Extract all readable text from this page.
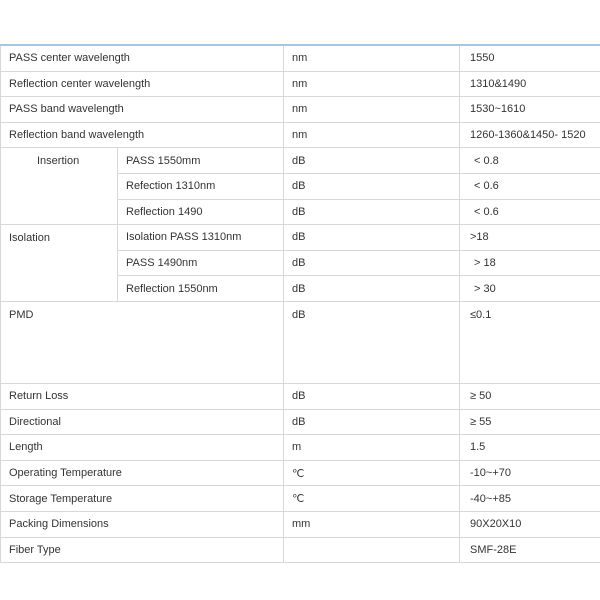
PASS center wavelength		nm	1550
Reflection center wavelength		nm	1310&1490
PASS band wavelength		nm	1530~1610
Reflection band wavelength		nm	1260-1360&1450- 1520
Insertion	PASS 1550mm	dB	< 0.8
	Refection 1310nm	dB	< 0.6
	Reflection 1490	dB	< 0.6
Isolation	Isolation PASS 1310nm	dB	>18
	PASS 1490nm	dB	> 18
	Reflection 1550nm	dB	> 30
PMD		dB	≤0.1
Return Loss		dB	≥ 50
Directional		dB	≥ 55
Length		m	1.5
Operating Temperature		℃	-10~+70
Storage Temperature		℃	-40~+85
Packing Dimensions		mm	90X20X10
Fiber Type			SMF-28E
